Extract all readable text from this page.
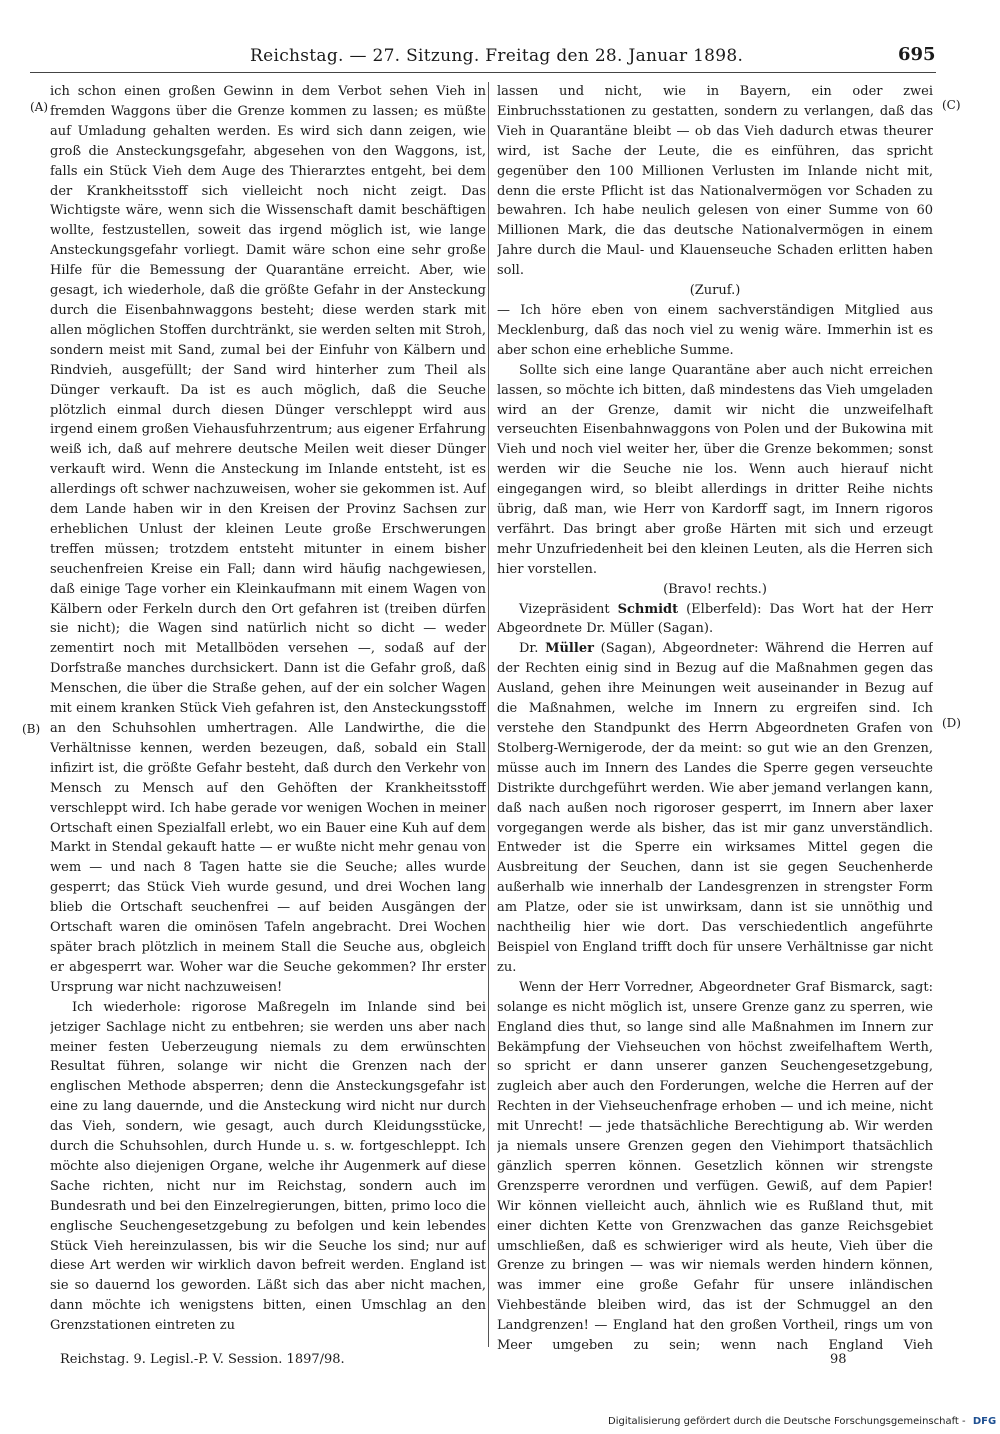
Reichstag. — 27. Sitzung. Freitag den 28. Januar 1898.	695
(A)
(B)
(C)
(D)

ich schon einen großen Gewinn in dem Verbot sehen Vieh in fremden Waggons über die Grenze kommen zu lassen; es müßte auf Umladung gehalten werden. Es wird sich dann zeigen, wie groß die Ansteckungsgefahr, abgesehen von den Waggons, ist, falls ein Stück Vieh dem Auge des Thierarztes entgeht, bei dem der Krankheitsstoff sich vielleicht noch nicht zeigt. Das Wichtigste wäre, wenn sich die Wissenschaft damit beschäftigen wollte, festzustellen, soweit das irgend möglich ist, wie lange Ansteckungsgefahr vorliegt. Damit wäre schon eine sehr große Hilfe für die Bemessung der Quarantäne erreicht. Aber, wie gesagt, ich wiederhole, daß die größte Gefahr in der Ansteckung durch die Eisenbahnwaggons besteht; diese werden stark mit allen möglichen Stoffen durchtränkt, sie werden selten mit Stroh, sondern meist mit Sand, zumal bei der Einfuhr von Kälbern und Rindvieh, ausgefüllt; der Sand wird hinterher zum Theil als Dünger verkauft. Da ist es auch möglich, daß die Seuche plötzlich einmal durch diesen Dünger verschleppt wird aus irgend einem großen Viehausfuhrzentrum; aus eigener Erfahrung weiß ich, daß auf mehrere deutsche Meilen weit dieser Dünger verkauft wird. Wenn die Ansteckung im Inlande entsteht, ist es allerdings oft schwer nachzuweisen, woher sie gekommen ist. Auf dem Lande haben wir in den Kreisen der Provinz Sachsen zur erheblichen Unlust der kleinen Leute große Erschwerungen treffen müssen; trotzdem entsteht mitunter in einem bisher seuchenfreien Kreise ein Fall; dann wird häufig nachgewiesen, daß einige Tage vorher ein Kleinkaufmann mit einem Wagen von Kälbern oder Ferkeln durch den Ort gefahren ist (treiben dürfen sie nicht); die Wagen sind natürlich nicht so dicht — weder zementirt noch mit Metallböden versehen —, sodaß auf der Dorfstraße manches durchsickert. Dann ist die Gefahr groß, daß Menschen, die über die Straße gehen, auf der ein solcher Wagen mit einem kranken Stück Vieh gefahren ist, den Ansteckungsstoff an den Schuhsohlen umhertragen. Alle Landwirthe, die die Verhältnisse kennen, werden bezeugen, daß, sobald ein Stall infizirt ist, die größte Gefahr besteht, daß durch den Verkehr von Mensch zu Mensch auf den Gehöften der Krankheitsstoff verschleppt wird. Ich habe gerade vor wenigen Wochen in meiner Ortschaft einen Spezialfall erlebt, wo ein Bauer eine Kuh auf dem Markt in Stendal gekauft hatte — er wußte nicht mehr genau von wem — und nach 8 Tagen hatte sie die Seuche; alles wurde gesperrt; das Stück Vieh wurde gesund, und drei Wochen lang blieb die Ortschaft seuchenfrei — auf beiden Ausgängen der Ortschaft waren die ominösen Tafeln angebracht. Drei Wochen später brach plötzlich in meinem Stall die Seuche aus, obgleich er abgesperrt war. Woher war die Seuche gekommen? Ihr erster Ursprung war nicht nachzuweisen!

Ich wiederhole: rigorose Maßregeln im Inlande sind bei jetziger Sachlage nicht zu entbehren; sie werden uns aber nach meiner festen Ueberzeugung niemals zu dem erwünschten Resultat führen, solange wir nicht die Grenzen nach der englischen Methode absperren; denn die Ansteckungsgefahr ist eine zu lang dauernde, und die Ansteckung wird nicht nur durch das Vieh, sondern, wie gesagt, auch durch Kleidungsstücke, durch die Schuhsohlen, durch Hunde u. s. w. fortgeschleppt. Ich möchte also diejenigen Organe, welche ihr Augenmerk auf diese Sache richten, nicht nur im Reichstag, sondern auch im Bundesrath und bei den Einzelregierungen, bitten, primo loco die englische Seuchengesetzgebung zu befolgen und kein lebendes Stück Vieh hereinzulassen, bis wir die Seuche los sind; nur auf diese Art werden wir wirklich davon befreit werden. England ist sie so dauernd los geworden. Läßt sich das aber nicht machen, dann möchte ich wenigstens bitten, einen Umschlag an den Grenzstationen eintreten zu

lassen und nicht, wie in Bayern, ein oder zwei Einbruchsstationen zu gestatten, sondern zu verlangen, daß das Vieh in Quarantäne bleibt — ob das Vieh dadurch etwas theurer wird, ist Sache der Leute, die es einführen, das spricht gegenüber den 100 Millionen Verlusten im Inlande nicht mit, denn die erste Pflicht ist das Nationalvermögen vor Schaden zu bewahren. Ich habe neulich gelesen von einer Summe von 60 Millionen Mark, die das deutsche Nationalvermögen in einem Jahre durch die Maul- und Klauenseuche Schaden erlitten haben soll.

(Zuruf.)

— Ich höre eben von einem sachverständigen Mitglied aus Mecklenburg, daß das noch viel zu wenig wäre. Immerhin ist es aber schon eine erhebliche Summe.

Sollte sich eine lange Quarantäne aber auch nicht erreichen lassen, so möchte ich bitten, daß mindestens das Vieh umgeladen wird an der Grenze, damit wir nicht die unzweifelhaft verseuchten Eisenbahnwaggons von Polen und der Bukowina mit Vieh und noch viel weiter her, über die Grenze bekommen; sonst werden wir die Seuche nie los. Wenn auch hierauf nicht eingegangen wird, so bleibt allerdings in dritter Reihe nichts übrig, daß man, wie Herr von Kardorff sagt, im Innern rigoros verfährt. Das bringt aber große Härten mit sich und erzeugt mehr Unzufriedenheit bei den kleinen Leuten, als die Herren sich hier vorstellen.

(Bravo! rechts.)

Vizepräsident Schmidt (Elberfeld): Das Wort hat der Herr Abgeordnete Dr. Müller (Sagan).

Dr. Müller (Sagan), Abgeordneter: Während die Herren auf der Rechten einig sind in Bezug auf die Maßnahmen gegen das Ausland, gehen ihre Meinungen weit auseinander in Bezug auf die Maßnahmen, welche im Innern zu ergreifen sind. Ich verstehe den Standpunkt des Herrn Abgeordneten Grafen von Stolberg-Wernigerode, der da meint: so gut wie an den Grenzen, müsse auch im Innern des Landes die Sperre gegen verseuchte Distrikte durchgeführt werden. Wie aber jemand verlangen kann, daß nach außen noch rigoroser gesperrt, im Innern aber laxer vorgegangen werde als bisher, das ist mir ganz unverständlich. Entweder ist die Sperre ein wirksames Mittel gegen die Ausbreitung der Seuchen, dann ist sie gegen Seuchenherde außerhalb wie innerhalb der Landesgrenzen in strengster Form am Platze, oder sie ist unwirksam, dann ist sie unnöthig und nachtheilig hier wie dort. Das verschiedentlich angeführte Beispiel von England trifft doch für unsere Verhältnisse gar nicht zu.

Wenn der Herr Vorredner, Abgeordneter Graf Bismarck, sagt: solange es nicht möglich ist, unsere Grenze ganz zu sperren, wie England dies thut, so lange sind alle Maßnahmen im Innern zur Bekämpfung der Viehseuchen von höchst zweifelhaftem Werth, so spricht er dann unserer ganzen Seuchengesetzgebung, zugleich aber auch den Forderungen, welche die Herren auf der Rechten in der Viehseuchenfrage erhoben — und ich meine, nicht mit Unrecht! — jede thatsächliche Berechtigung ab. Wir werden ja niemals unsere Grenzen gegen den Viehimport thatsächlich gänzlich sperren können. Gesetzlich können wir strengste Grenzsperre verordnen und verfügen. Gewiß, auf dem Papier! Wir können vielleicht auch, ähnlich wie es Rußland thut, mit einer dichten Kette von Grenzwachen das ganze Reichsgebiet umschließen, daß es schwieriger wird als heute, Vieh über die Grenze zu bringen — was wir niemals werden hindern können, was immer eine große Gefahr für unsere inländischen Viehbestände bleiben wird, das ist der Schmuggel an den Landgrenzen! — England hat den großen Vortheil, rings um von Meer umgeben zu sein; wenn nach England Vieh

Reichstag. 9. Legisl.-P. V. Session. 1897/98.	98
Digitalisierung gefördert durch die Deutsche Forschungsgemeinschaft - DFG
